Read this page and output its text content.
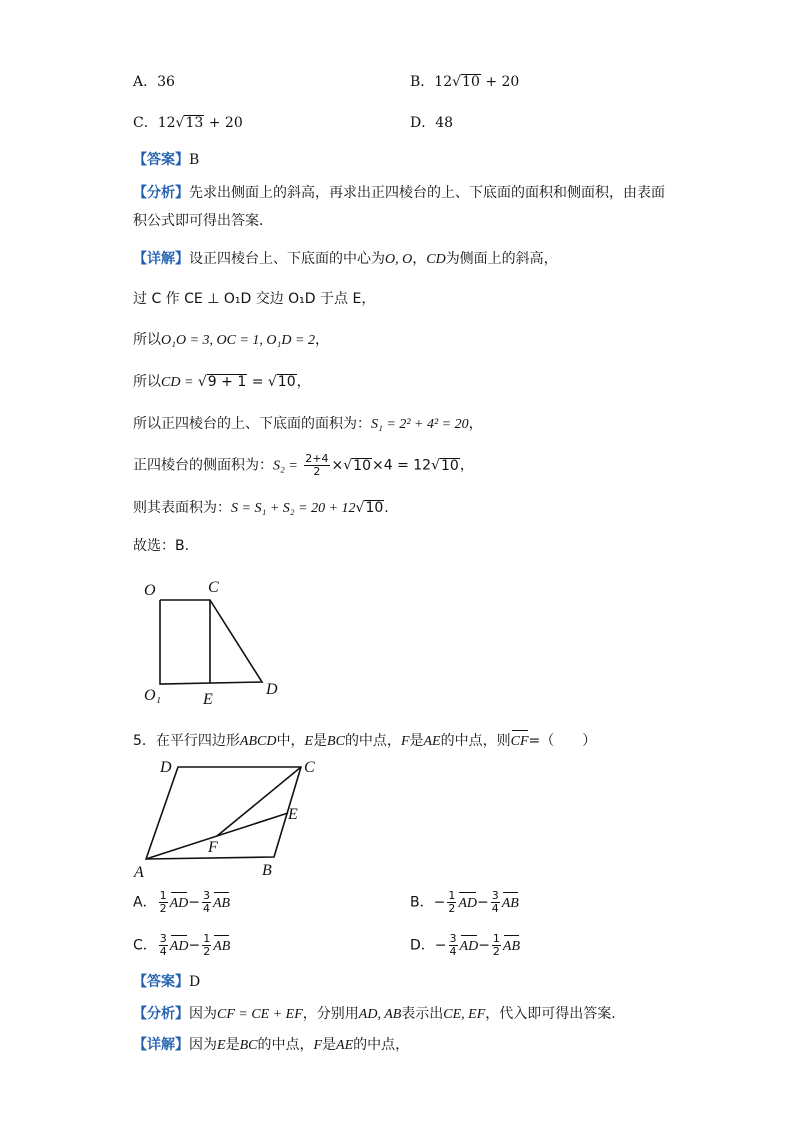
A．36	B．12√10 + 20
C．12√13 + 20	D．48
【答案】B
【分析】先求出侧面上的斜高，再求出正四棱台的上、下底面的面积和侧面积，由表面
积公式即可得出答案.
【详解】设正四棱台上、下底面的中心为O, O，CD为侧面上的斜高，
过 C 作 CE ⊥ O₁D 交边 O₁D 于点 E，
所以O₁O = 3, OC = 1, O₁D = 2，
所以CD = √9 + 1 = √10，
所以正四棱台的上、下底面的面积为：S₁ = 2² + 4² = 20，
正四棱台的侧面积为：$S_2 = \frac{2+4}{2} \times√10\times 4 = 12√10$，
则其表面积为：S = S₁ + S₂ = 20 + 12√10.
故选：B.
O	C
O₁	E
D
5．在平行四边形ABCD中，E是BC的中点，F是AE的中点，则CF=（　　）
D	C
E
F
A	B
A． $\frac{1}{2} AD- \frac{3}{4}$ AB	B．− $\frac{1}{2} AD- \frac{3}{4}$ AB
C． $\frac{3}{4} AD- \frac{1}{2}$ AB	D．− $\frac{3}{4} AD- \frac{1}{2}$ AB
【答案】D
【分析】因为CF = CE + EF，分别用AD, AB表示出CE, EF，代入即可得出答案.
【详解】因为E是BC的中点，F是AE的中点，
